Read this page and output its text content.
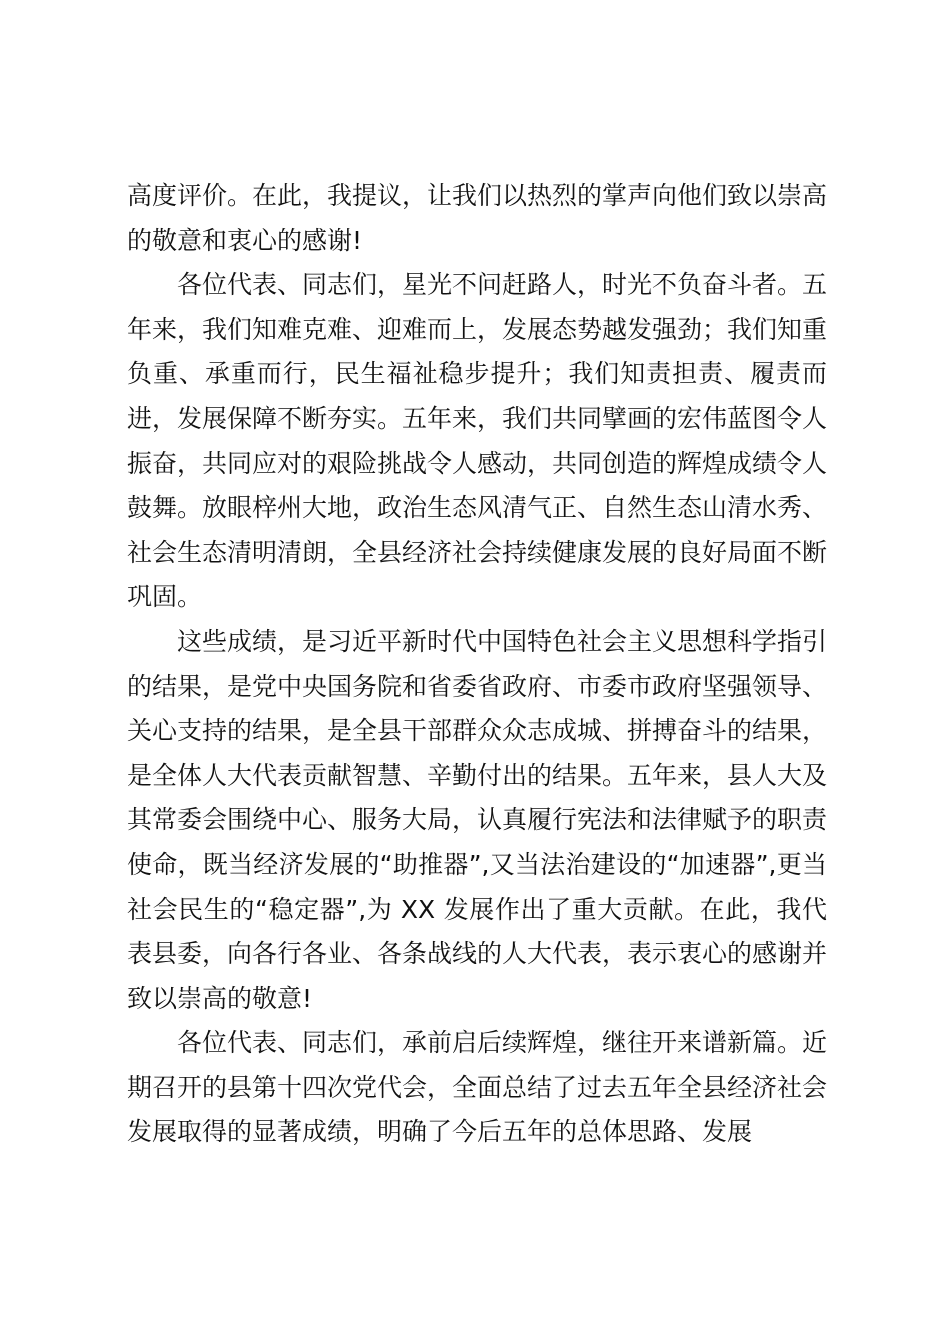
高度评价。在此，我提议，让我们以热烈的掌声向他们致以崇高的敬意和衷心的感谢!

各位代表、同志们，星光不问赶路人，时光不负奋斗者。五年来，我们知难克难、迎难而上，发展态势越发强劲；我们知重负重、承重而行，民生福祉稳步提升；我们知责担责、履责而进，发展保障不断夯实。五年来，我们共同擘画的宏伟蓝图令人振奋，共同应对的艰险挑战令人感动，共同创造的辉煌成绩令人鼓舞。放眼梓州大地，政治生态风清气正、自然生态山清水秀、社会生态清明清朗，全县经济社会持续健康发展的良好局面不断巩固。

这些成绩，是习近平新时代中国特色社会主义思想科学指引的结果，是党中央国务院和省委省政府、市委市政府坚强领导、关心支持的结果，是全县干部群众众志成城、拼搏奋斗的结果，是全体人大代表贡献智慧、辛勤付出的结果。五年来，县人大及其常委会围绕中心、服务大局，认真履行宪法和法律赋予的职责使命，既当经济发展的“助推器”,又当法治建设的“加速器”,更当社会民生的“稳定器”,为 XX 发展作出了重大贡献。在此，我代表县委，向各行各业、各条战线的人大代表，表示衷心的感谢并致以崇高的敬意!

各位代表、同志们，承前启后续辉煌，继往开来谱新篇。近期召开的县第十四次党代会，全面总结了过去五年全县经济社会发展取得的显著成绩，明确了今后五年的总体思路、发展
